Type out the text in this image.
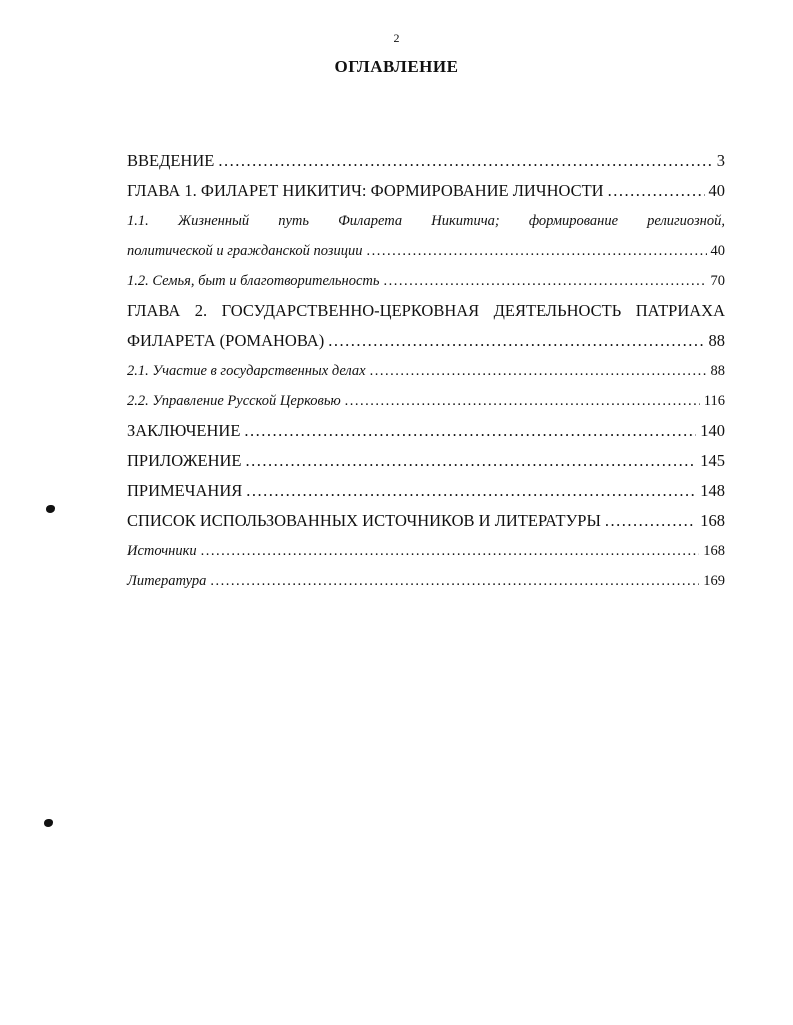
2
ОГЛАВЛЕНИЕ
ВВЕДЕНИЕ .....	3
ГЛАВА 1. ФИЛАРЕТ НИКИТИЧ: ФОРМИРОВАНИЕ ЛИЧНОСТИ .....	40
1.1. Жизненный путь Филарета Никитича; формирование религиозной,
политической и гражданской позиции .....	40
1.2. Семья, быт и благотворительность .....	70
ГЛАВА 2. ГОСУДАРСТВЕННО-ЦЕРКОВНАЯ ДЕЯТЕЛЬНОСТЬ ПАТРИАХА
ФИЛАРЕТА (РОМАНОВА) .....	88
2.1. Участие в государственных делах .....	88
2.2. Управление Русской Церковью .....	116
ЗАКЛЮЧЕНИЕ .....	140
ПРИЛОЖЕНИЕ .....	145
ПРИМЕЧАНИЯ .....	148
СПИСОК ИСПОЛЬЗОВАННЫХ ИСТОЧНИКОВ И ЛИТЕРАТУРЫ .....	168
Источники .....	168
Литература .....	169
